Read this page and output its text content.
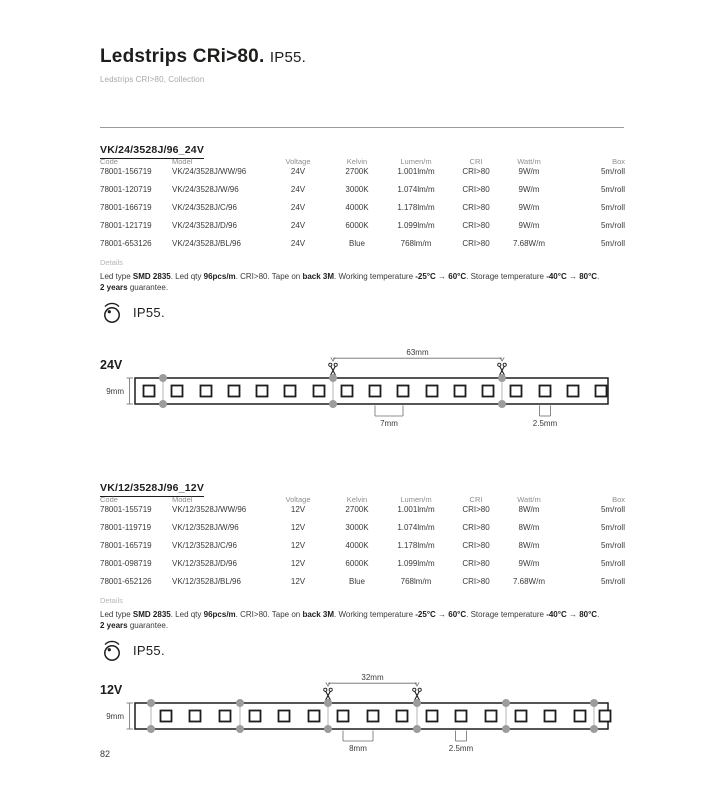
Ledstrips CRi>80. IP55.
Ledstrips CRI>80, Collection
VK/24/3528J/96_24V
Code	Model	Voltage	Kelvin	Lumen/m	CRI	Watt/m	Box
78001-156719	VK/24/3528J/WW/96	24V	2700K	1.001lm/m	CRI>80	9W/m	5m/roll
78001-120719	VK/24/3528J/W/96	24V	3000K	1.074lm/m	CRI>80	9W/m	5m/roll
78001-166719	VK/24/3528J/C/96	24V	4000K	1.178lm/m	CRI>80	9W/m	5m/roll
78001-121719	VK/24/3528J/D/96	24V	6000K	1.099lm/m	CRI>80	9W/m	5m/roll
78001-653126	VK/24/3528J/BL/96	24V	Blue	768lm/m	CRI>80	7.68W/m	5m/roll
Details

Led type SMD 2835. Led qty 96pcs/m. CRI>80. Tape on back 3M. Working temperature -25°C → 60°C. Storage temperature -40°C → 80°C.

2 years guarantee.

IP55.
24V
63mm
9mm
7mm	2.5mm
VK/12/3528J/96_12V
Code	Model	Voltage	Kelvin	Lumen/m	CRI	Watt/m	Box
78001-155719	VK/12/3528J/WW/96	12V	2700K	1.001lm/m	CRI>80	8W/m	5m/roll
78001-119719	VK/12/3528J/W/96	12V	3000K	1.074lm/m	CRI>80	8W/m	5m/roll
78001-165719	VK/12/3528J/C/96	12V	4000K	1.178lm/m	CRI>80	8W/m	5m/roll
78001-098719	VK/12/3528J/D/96	12V	6000K	1.099lm/m	CRI>80	9W/m	5m/roll
78001-652126	VK/12/3528J/BL/96	12V	Blue	768lm/m	CRI>80	7.68W/m	5m/roll
Details

Led type SMD 2835. Led qty 96pcs/m. CRI>80. Tape on back 3M. Working temperature -25°C → 60°C. Storage temperature -40°C → 80°C.

2 years guarantee.

IP55.
12V
32mm
9mm
8mm	2.5mm
82
